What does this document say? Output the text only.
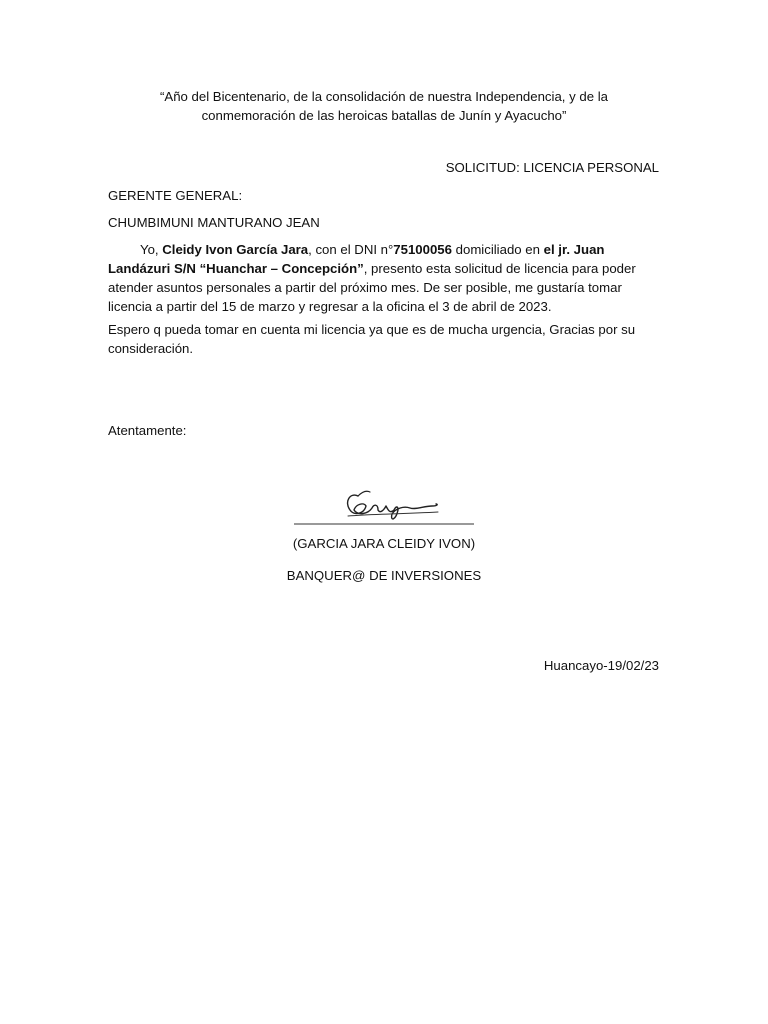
“Año del Bicentenario, de la consolidación de nuestra Independencia, y de la
conmemoración de las heroicas batallas de Junín y Ayacucho”
SOLICITUD: LICENCIA PERSONAL
GERENTE GENERAL:
CHUMBIMUNI MANTURANO JEAN
Yo, Cleidy Ivon García Jara, con el DNI n°75100056 domiciliado en el jr. Juan Landázuri S/N “Huanchar – Concepción”, presento esta solicitud de licencia para poder atender asuntos personales a partir del próximo mes. De ser posible, me gustaría tomar licencia a partir del 15 de marzo y regresar a la oficina el 3 de abril de 2023.
Espero q pueda tomar en cuenta mi licencia ya que es de mucha urgencia, Gracias por su consideración.
Atentamente:
(GARCIA JARA CLEIDY IVON)
BANQUER@ DE INVERSIONES
Huancayo-19/02/23
